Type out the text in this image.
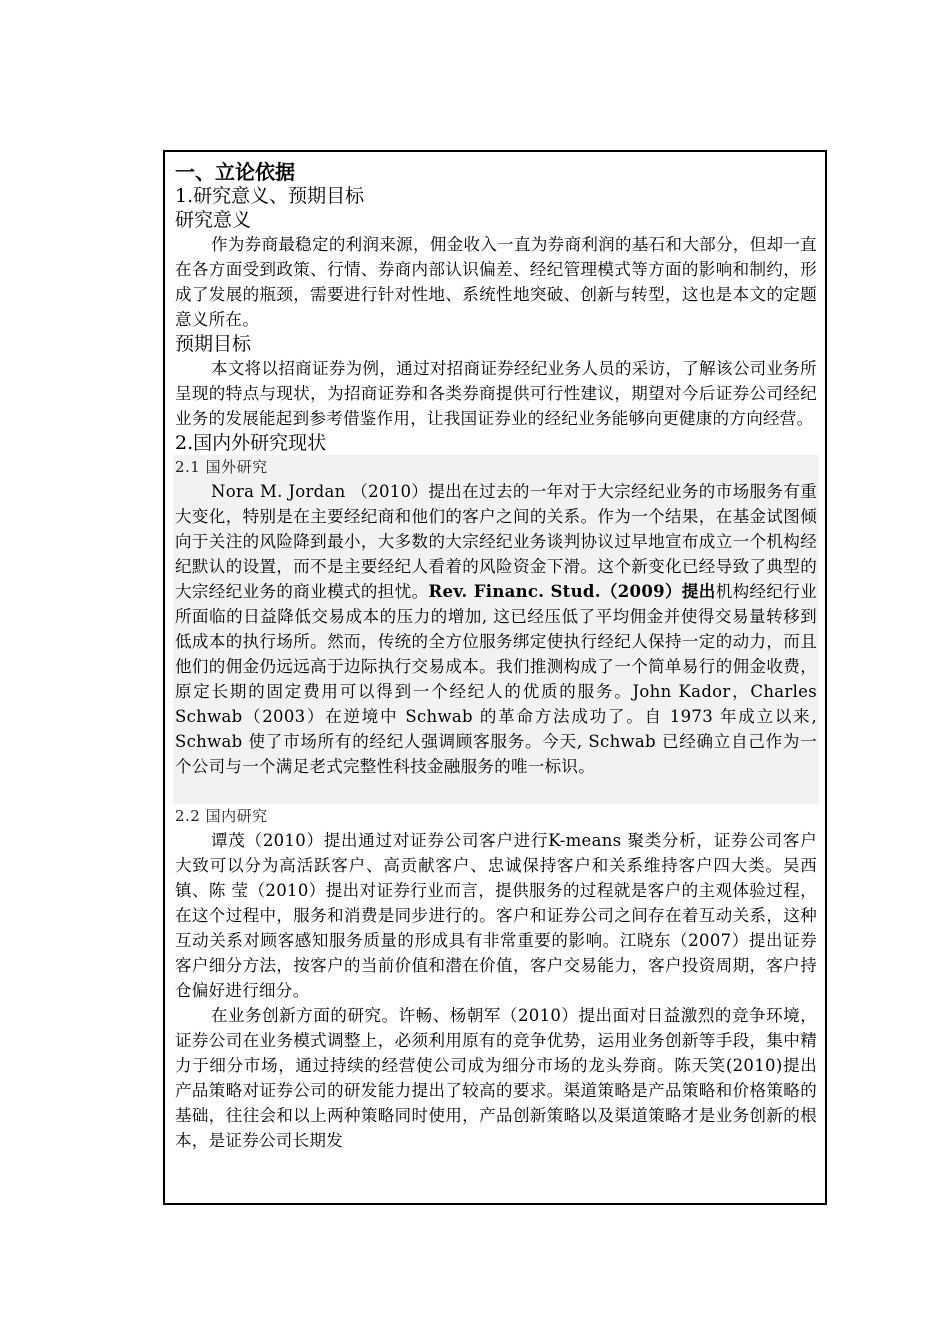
一、立论依据

1.研究意义、预期目标

研究意义

作为券商最稳定的利润来源，佣金收入一直为券商利润的基石和大部分，但却一直在各方面受到政策、行情、券商内部认识偏差、经纪管理模式等方面的影响和制约，形成了发展的瓶颈，需要进行针对性地、系统性地突破、创新与转型，这也是本文的定题意义所在。

预期目标

本文将以招商证券为例，通过对招商证券经纪业务人员的采访，了解该公司业务所呈现的特点与现状，为招商证券和各类券商提供可行性建议，期望对今后证券公司经纪业务的发展能起到参考借鉴作用，让我国证券业的经纪业务能够向更健康的方向经营。

2.国内外研究现状

2.1 国外研究

Nora M. Jordan （2010）提出在过去的一年对于大宗经纪业务的市场服务有重大变化，特别是在主要经纪商和他们的客户之间的关系。作为一个结果，在基金试图倾向于关注的风险降到最小，大多数的大宗经纪业务谈判协议过早地宣布成立一个机构经纪默认的设置，而不是主要经纪人看着的风险资金下滑。这个新变化已经导致了典型的大宗经纪业务的商业模式的担忧。Rev. Financ. Stud.（2009）提出机构经纪行业所面临的日益降低交易成本的压力的增加, 这已经压低了平均佣金并使得交易量转移到低成本的执行场所。然而，传统的全方位服务绑定使执行经纪人保持一定的动力，而且他们的佣金仍远远高于边际执行交易成本。我们推测构成了一个简单易行的佣金收费，原定长期的固定费用可以得到一个经纪人的优质的服务。John Kador，Charles Schwab（2003）在逆境中 Schwab 的革命方法成功了。自 1973 年成立以来, Schwab 使了市场所有的经纪人强调顾客服务。今天, Schwab 已经确立自己作为一个公司与一个满足老式完整性科技金融服务的唯一标识。

2.2 国内研究

谭茂（2010）提出通过对证券公司客户进行K-means 聚类分析，证券公司客户大致可以分为高活跃客户、高贡献客户、忠诚保持客户和关系维持客户四大类。吴西镇、陈 莹（2010）提出对证券行业而言，提供服务的过程就是客户的主观体验过程，在这个过程中，服务和消费是同步进行的。客户和证券公司之间存在着互动关系，这种互动关系对顾客感知服务质量的形成具有非常重要的影响。江晓东（2007）提出证券客户细分方法，按客户的当前价值和潜在价值，客户交易能力，客户投资周期，客户持仓偏好进行细分。

在业务创新方面的研究。许畅、杨朝军（2010）提出面对日益激烈的竞争环境，证券公司在业务模式调整上，必须利用原有的竞争优势，运用业务创新等手段，集中精力于细分市场，通过持续的经营使公司成为细分市场的龙头券商。陈天笑(2010)提出产品策略对证券公司的研发能力提出了较高的要求。渠道策略是产品策略和价格策略的基础，往往会和以上两种策略同时使用，产品创新策略以及渠道策略才是业务创新的根本，是证券公司长期发
